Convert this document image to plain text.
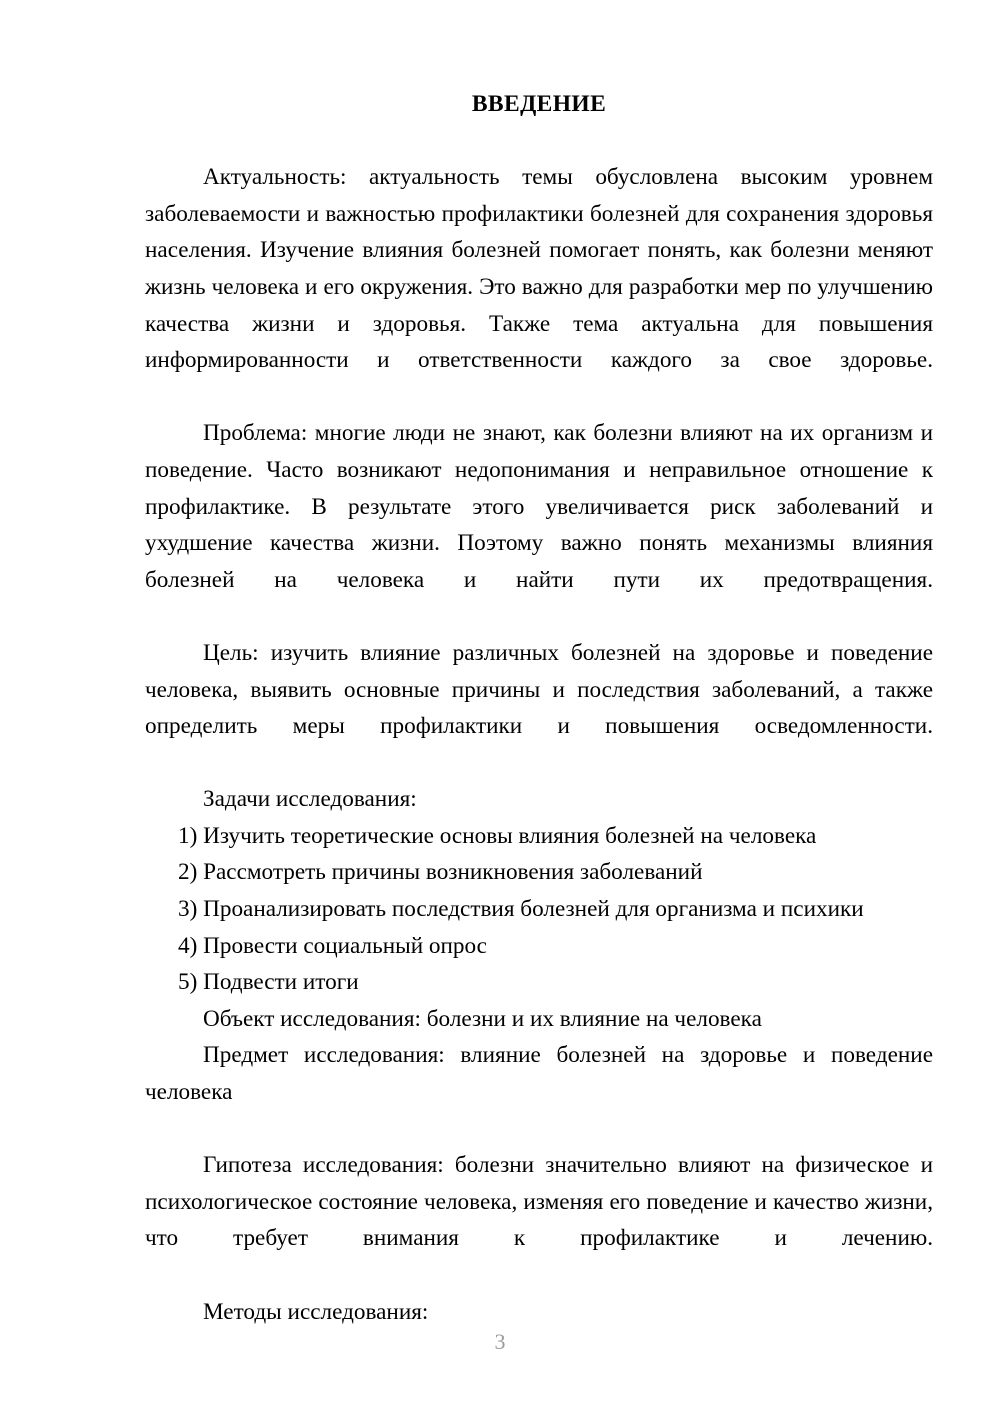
ВВЕДЕНИЕ

Актуальность: актуальность темы обусловлена высоким уровнем заболеваемости и важностью профилактики болезней для сохранения здоровья населения. Изучение влияния болезней помогает понять, как болезни меняют жизнь человека и его окружения. Это важно для разработки мер по улучшению качества жизни и здоровья. Также тема актуальна для повышения информированности и ответственности каждого за свое здоровье.

Проблема: многие люди не знают, как болезни влияют на их организм и поведение. Часто возникают недопонимания и неправильное отношение к профилактике. В результате этого увеличивается риск заболеваний и ухудшение качества жизни. Поэтому важно понять механизмы влияния болезней на человека и найти пути их предотвращения.

Цель: изучить влияние различных болезней на здоровье и поведение человека, выявить основные причины и последствия заболеваний, а также определить меры профилактики и повышения осведомленности.

Задачи исследования:

1) Изучить теоретические основы влияния болезней на человека
2) Рассмотреть причины возникновения заболеваний
3) Проанализировать последствия болезней для организма и психики
4) Провести социальный опрос
5) Подвести итоги

Объект исследования: болезни и их влияние на человека

Предмет исследования: влияние болезней на здоровье и поведение человека

Гипотеза исследования: болезни значительно влияют на физическое и психологическое состояние человека, изменяя его поведение и качество жизни, что требует внимания к профилактике и лечению.

Методы исследования:

3
